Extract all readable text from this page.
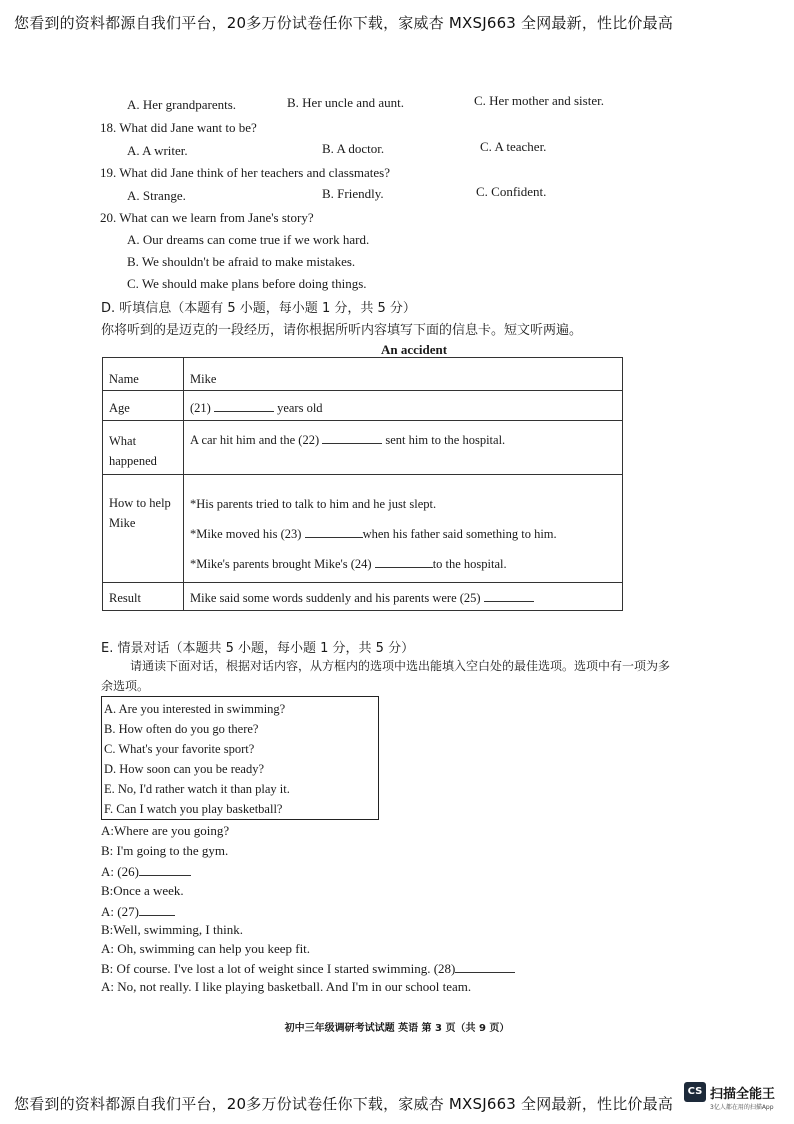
您看到的资料都源自我们平台，20多万份试卷任你下载，家威杏 MXSJ663 全网最新，性比价最高
A. Her grandparents.	B. Her uncle and aunt.	C. Her mother and sister.
18. What did Jane want to be?
A. A writer.	B. A doctor.	C. A teacher.
19. What did Jane think of her teachers and classmates?
A. Strange.	B. Friendly.	C. Confident.
20. What can we learn from Jane's story?
A. Our dreams can come true if we work hard.
B. We shouldn't be afraid to make mistakes.
C. We should make plans before doing things.
D. 听填信息（本题有 5 小题，每小题 1 分，共 5 分）
你将听到的是迈克的一段经历，请你根据所听内容填写下面的信息卡。短文听两遍。
An accident
Name	Mike
Age	(21) years old
What happened	A car hit him and the (22) sent him to the hospital.
How to help Mike	*His parents tried to talk to him and he just slept.
*Mike moved his (23) when his father said something to him.
*Mike's parents brought Mike's (24) to the hospital.

Result	Mike said some words suddenly and his parents were (25)
E. 情景对话（本题共 5 小题，每小题 1 分，共 5 分）
请通读下面对话，根据对话内容，从方框内的选项中选出能填入空白处的最佳选项。选项中有一项为多
余选项。
A. Are you interested in swimming?
B. How often do you go there?
C. What's your favorite sport?
D. How soon can you be ready?
E. No, I'd rather watch it than play it.
F. Can I watch you play basketball?
A:Where are you going?
B: I'm going to the gym.
A: (26)
B:Once a week.
A: (27)
B:Well, swimming, I think.
A: Oh, swimming can help you keep fit.
B: Of course. I've lost a lot of weight since I started swimming. (28)
A: No, not really. I like playing basketball. And I'm in our school team.
初中三年级调研考试试题 英语 第 3 页（共 9 页）
您看到的资料都源自我们平台，20多万份试卷任你下载，家威杏 MXSJ663 全网最新，性比价最高
CS 扫描全能王
3亿人都在用的扫描App
